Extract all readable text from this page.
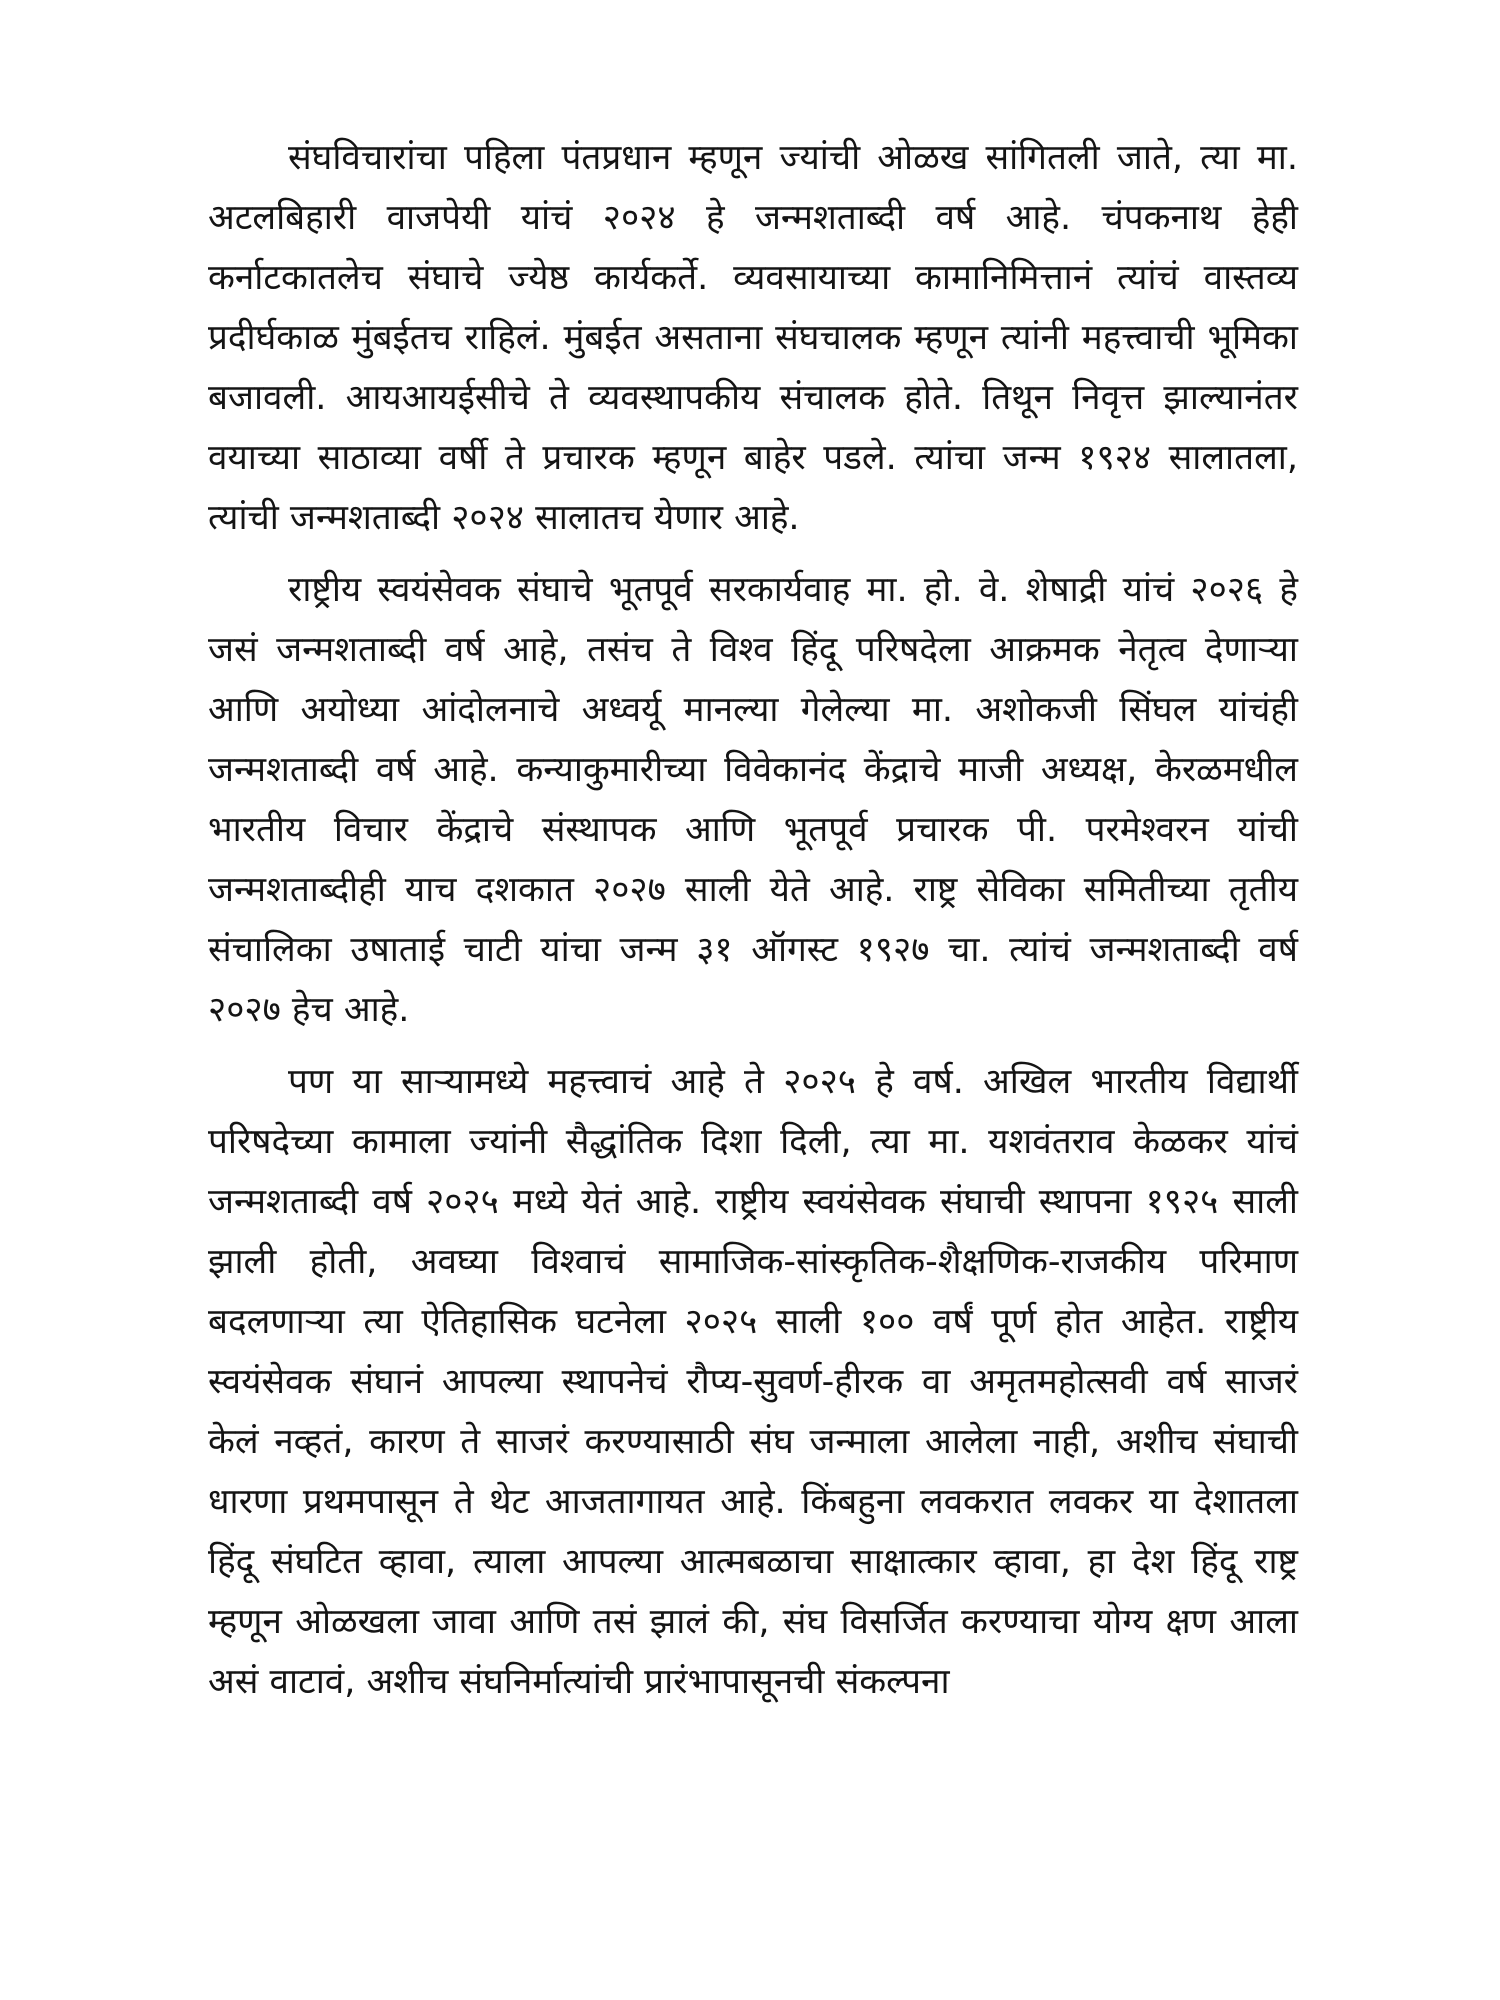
संघविचारांचा पहिला पंतप्रधान म्हणून ज्यांची ओळख सांगितली जाते, त्या मा. अटलबिहारी वाजपेयी यांचं २०२४ हे जन्मशताब्दी वर्ष आहे. चंपकनाथ हेही कर्नाटकातलेच संघाचे ज्येष्ठ कार्यकर्ते. व्यवसायाच्या कामानिमित्तानं त्यांचं वास्तव्य प्रदीर्घकाळ मुंबईतच राहिलं. मुंबईत असताना संघचालक म्हणून त्यांनी महत्त्वाची भूमिका बजावली. आयआयईसीचे ते व्यवस्थापकीय संचालक होते. तिथून निवृत्त झाल्यानंतर वयाच्या साठाव्या वर्षी ते प्रचारक म्हणून बाहेर पडले. त्यांचा जन्म १९२४ सालातला, त्यांची जन्मशताब्दी २०२४ सालातच येणार आहे.

राष्ट्रीय स्वयंसेवक संघाचे भूतपूर्व सरकार्यवाह मा. हो. वे. शेषाद्री यांचं २०२६ हे जसं जन्मशताब्दी वर्ष आहे, तसंच ते विश्व हिंदू परिषदेला आक्रमक नेतृत्व देणाऱ्या आणि अयोध्या आंदोलनाचे अध्वर्यू मानल्या गेलेल्या मा. अशोकजी सिंघल यांचंही जन्मशताब्दी वर्ष आहे. कन्याकुमारीच्या विवेकानंद केंद्राचे माजी अध्यक्ष, केरळमधील भारतीय विचार केंद्राचे संस्थापक आणि भूतपूर्व प्रचारक पी. परमेश्वरन यांची जन्मशताब्दीही याच दशकात २०२७ साली येते आहे. राष्ट्र सेविका समितीच्या तृतीय संचालिका उषाताई चाटी यांचा जन्म ३१ ऑगस्ट १९२७ चा. त्यांचं जन्मशताब्दी वर्ष २०२७ हेच आहे.

पण या साऱ्यामध्ये महत्त्वाचं आहे ते २०२५ हे वर्ष. अखिल भारतीय विद्यार्थी परिषदेच्या कामाला ज्यांनी सैद्धांतिक दिशा दिली, त्या मा. यशवंतराव केळकर यांचं जन्मशताब्दी वर्ष २०२५ मध्ये येतं आहे. राष्ट्रीय स्वयंसेवक संघाची स्थापना १९२५ साली झाली होती, अवघ्या विश्वाचं सामाजिक-सांस्कृतिक-शैक्षणिक-राजकीय परिमाण बदलणाऱ्या त्या ऐतिहासिक घटनेला २०२५ साली १०० वर्षं पूर्ण होत आहेत. राष्ट्रीय स्वयंसेवक संघानं आपल्या स्थापनेचं रौप्य-सुवर्ण-हीरक वा अमृतमहोत्सवी वर्ष साजरं केलं नव्हतं, कारण ते साजरं करण्यासाठी संघ जन्माला आलेला नाही, अशीच संघाची धारणा प्रथमपासून ते थेट आजतागायत आहे. किंबहुना लवकरात लवकर या देशातला हिंदू संघटित व्हावा, त्याला आपल्या आत्मबळाचा साक्षात्कार व्हावा, हा देश हिंदू राष्ट्र म्हणून ओळखला जावा आणि तसं झालं की, संघ विसर्जित करण्याचा योग्य क्षण आला असं वाटावं, अशीच संघनिर्मात्यांची प्रारंभापासूनची संकल्पना
